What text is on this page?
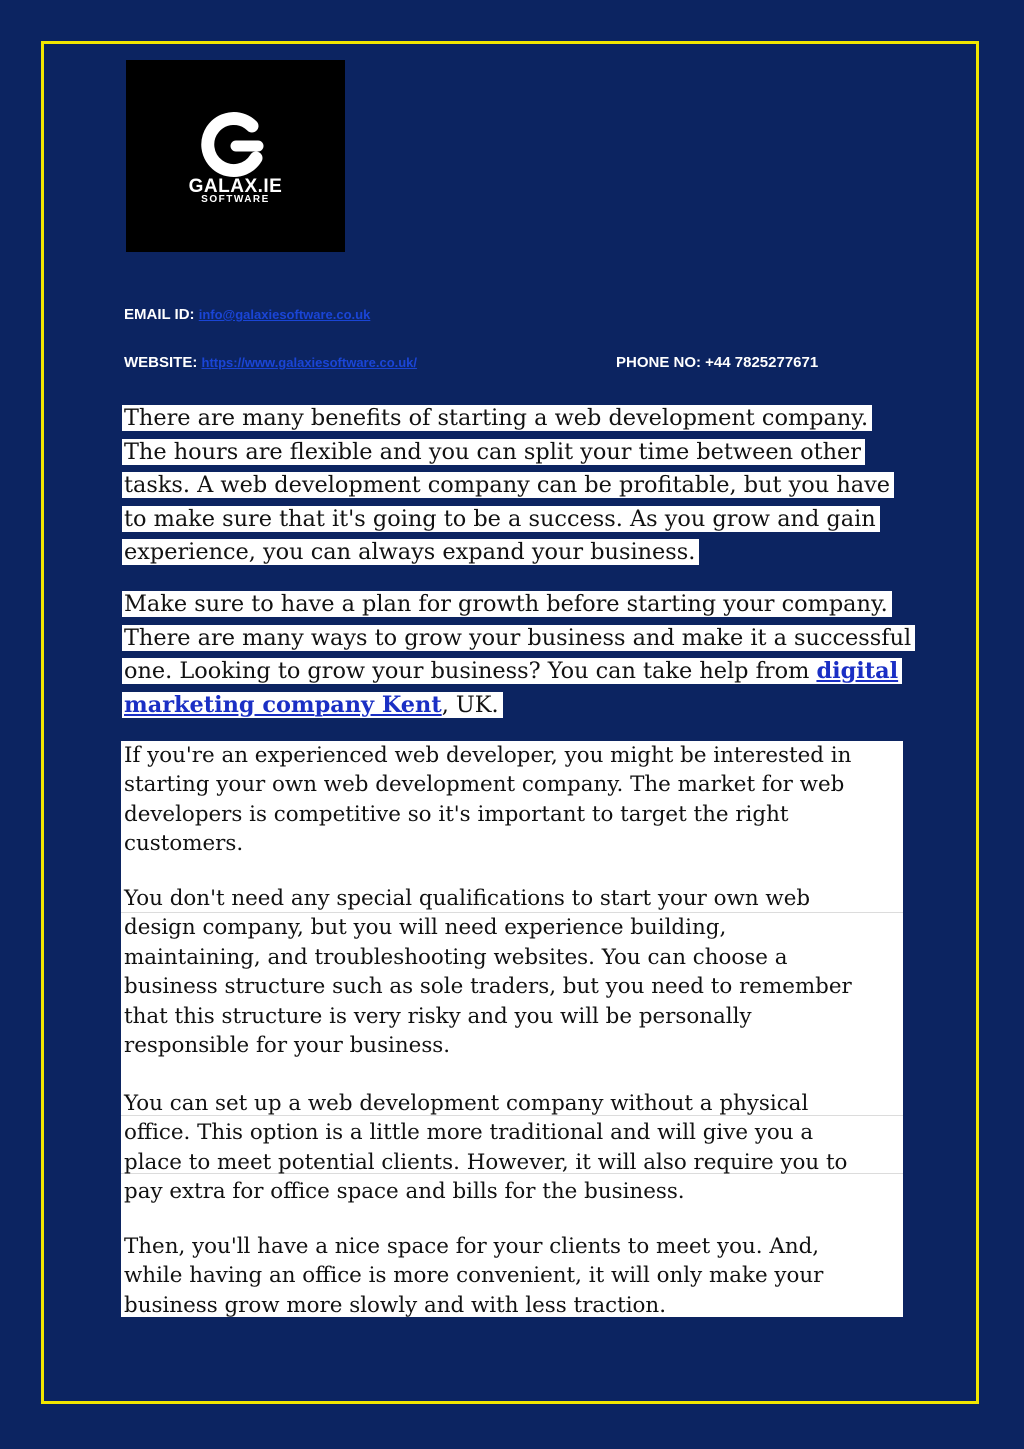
GALAX.IE
SOFTWARE
EMAIL ID: info@galaxiesoftware.co.uk
WEBSITE: https://www.galaxiesoftware.co.uk/	PHONE NO: +44 7825277671
There are many benefits of starting a web development company.
The hours are flexible and you can split your time between other
tasks. A web development company can be profitable, but you have
to make sure that it's going to be a success. As you grow and gain
experience, you can always expand your business.
Make sure to have a plan for growth before starting your company.
There are many ways to grow your business and make it a successful
one. Looking to grow your business? You can take help from digital
marketing company Kent, UK.

If you're an experienced web developer, you might be interested in
starting your own web development company. The market for web
developers is competitive so it's important to target the right
customers.

You don't need any special qualifications to start your own web
design company, but you will need experience building,
maintaining, and troubleshooting websites. You can choose a
business structure such as sole traders, but you need to remember
that this structure is very risky and you will be personally
responsible for your business.

You can set up a web development company without a physical
office. This option is a little more traditional and will give you a
place to meet potential clients. However, it will also require you to
pay extra for office space and bills for the business.

Then, you'll have a nice space for your clients to meet you. And,
while having an office is more convenient, it will only make your
business grow more slowly and with less traction.
